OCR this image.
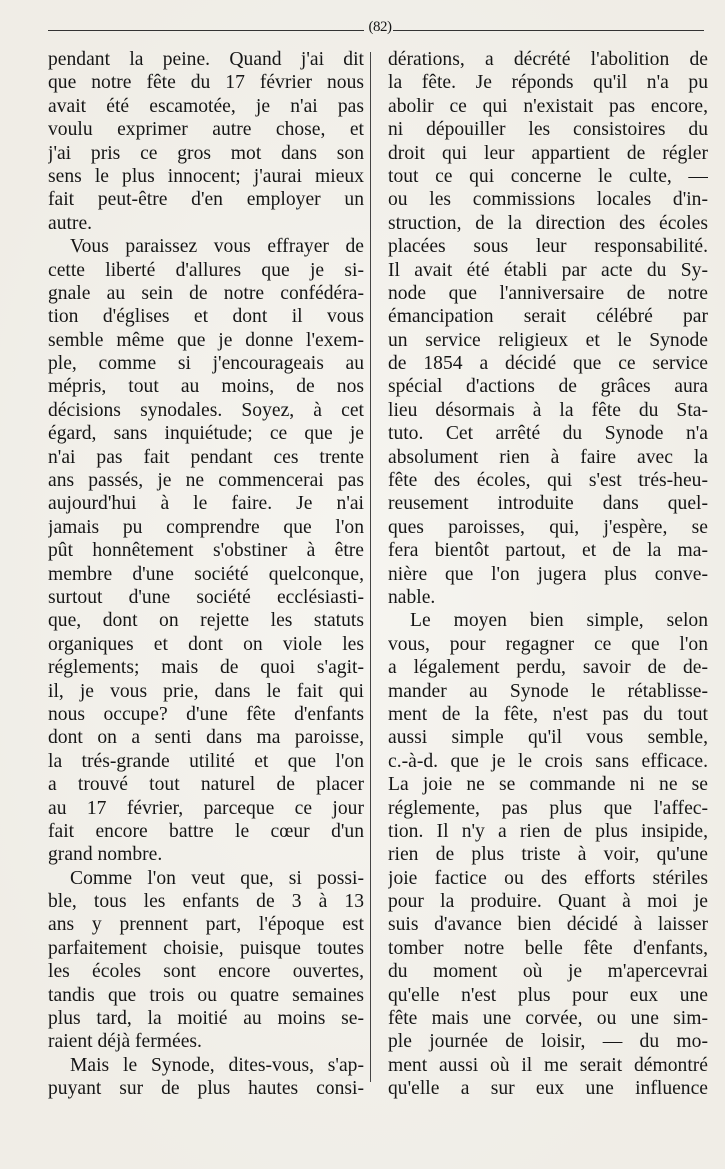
(82)
pendant la peine. Quand j'ai dit
que notre fête du 17 février nous
avait été escamotée, je n'ai pas
voulu exprimer autre chose, et
j'ai pris ce gros mot dans son
sens le plus innocent; j'aurai mieux
fait peut-être d'en employer un
autre.
Vous paraissez vous effrayer de
cette liberté d'allures que je si-
gnale au sein de notre confédéra-
tion d'églises et dont il vous
semble même que je donne l'exem-
ple, comme si j'encourageais au
mépris, tout au moins, de nos
décisions synodales. Soyez, à cet
égard, sans inquiétude; ce que je
n'ai pas fait pendant ces trente
ans passés, je ne commencerai pas
aujourd'hui à le faire. Je n'ai
jamais pu comprendre que l'on
pût honnêtement s'obstiner à être
membre d'une société quelconque,
surtout d'une société ecclésiasti-
que, dont on rejette les statuts
organiques et dont on viole les
réglements; mais de quoi s'agit-
il, je vous prie, dans le fait qui
nous occupe? d'une fête d'enfants
dont on a senti dans ma paroisse,
la trés-grande utilité et que l'on
a trouvé tout naturel de placer
au 17 février, parceque ce jour
fait encore battre le cœur d'un
grand nombre.
Comme l'on veut que, si possi-
ble, tous les enfants de 3 à 13
ans y prennent part, l'époque est
parfaitement choisie, puisque toutes
les écoles sont encore ouvertes,
tandis que trois ou quatre semaines
plus tard, la moitié au moins se-
raient déjà fermées.
Mais le Synode, dites-vous, s'ap-
puyant sur de plus hautes consi-
dérations, a décrété l'abolition de
la fête. Je réponds qu'il n'a pu
abolir ce qui n'existait pas encore,
ni dépouiller les consistoires du
droit qui leur appartient de régler
tout ce qui concerne le culte, —
ou les commissions locales d'in-
struction, de la direction des écoles
placées sous leur responsabilité.
Il avait été établi par acte du Sy-
node que l'anniversaire de notre
émancipation serait célébré par
un service religieux et le Synode
de 1854 a décidé que ce service
spécial d'actions de grâces aura
lieu désormais à la fête du Sta-
tuto. Cet arrêté du Synode n'a
absolument rien à faire avec la
fête des écoles, qui s'est trés-heu-
reusement introduite dans quel-
ques paroisses, qui, j'espère, se
fera bientôt partout, et de la ma-
nière que l'on jugera plus conve-
nable.
Le moyen bien simple, selon
vous, pour regagner ce que l'on
a légalement perdu, savoir de de-
mander au Synode le rétablisse-
ment de la fête, n'est pas du tout
aussi simple qu'il vous semble,
c.-à-d. que je le crois sans efficace.
La joie ne se commande ni ne se
réglemente, pas plus que l'affec-
tion. Il n'y a rien de plus insipide,
rien de plus triste à voir, qu'une
joie factice ou des efforts stériles
pour la produire. Quant à moi je
suis d'avance bien décidé à laisser
tomber notre belle fête d'enfants,
du moment où je m'apercevrai
qu'elle n'est plus pour eux une
fête mais une corvée, ou une sim-
ple journée de loisir, — du mo-
ment aussi où il me serait démontré
qu'elle a sur eux une influence
